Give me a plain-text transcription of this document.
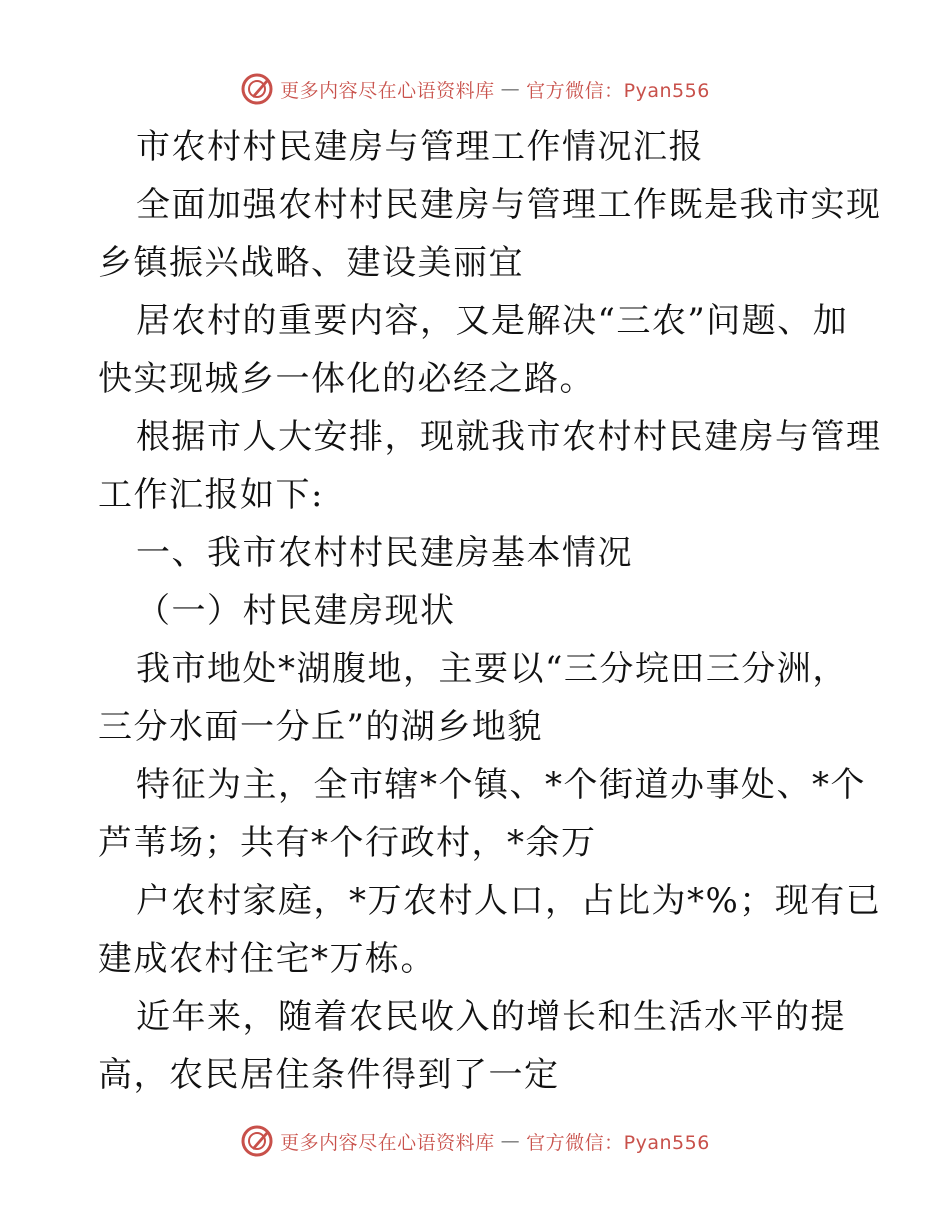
更多内容尽在心语资料库 — 官方微信：Pyan556
市农村村民建房与管理工作情况汇报
全面加强农村村民建房与管理工作既是我市实现
乡镇振兴战略、建设美丽宜
居农村的重要内容，又是解决“三农”问题、加
快实现城乡一体化的必经之路。
根据市人大安排，现就我市农村村民建房与管理
工作汇报如下:
一、我市农村村民建房基本情况
（一）村民建房现状
我市地处*湖腹地，主要以“三分垸田三分洲，
三分水面一分丘”的湖乡地貌
特征为主，全市辖*个镇、*个街道办事处、*个
芦苇场；共有*个行政村，*余万
户农村家庭，*万农村人口，占比为*%；现有已
建成农村住宅*万栋。
近年来，随着农民收入的增长和生活水平的提
高，农民居住条件得到了一定
更多内容尽在心语资料库 — 官方微信：Pyan556
